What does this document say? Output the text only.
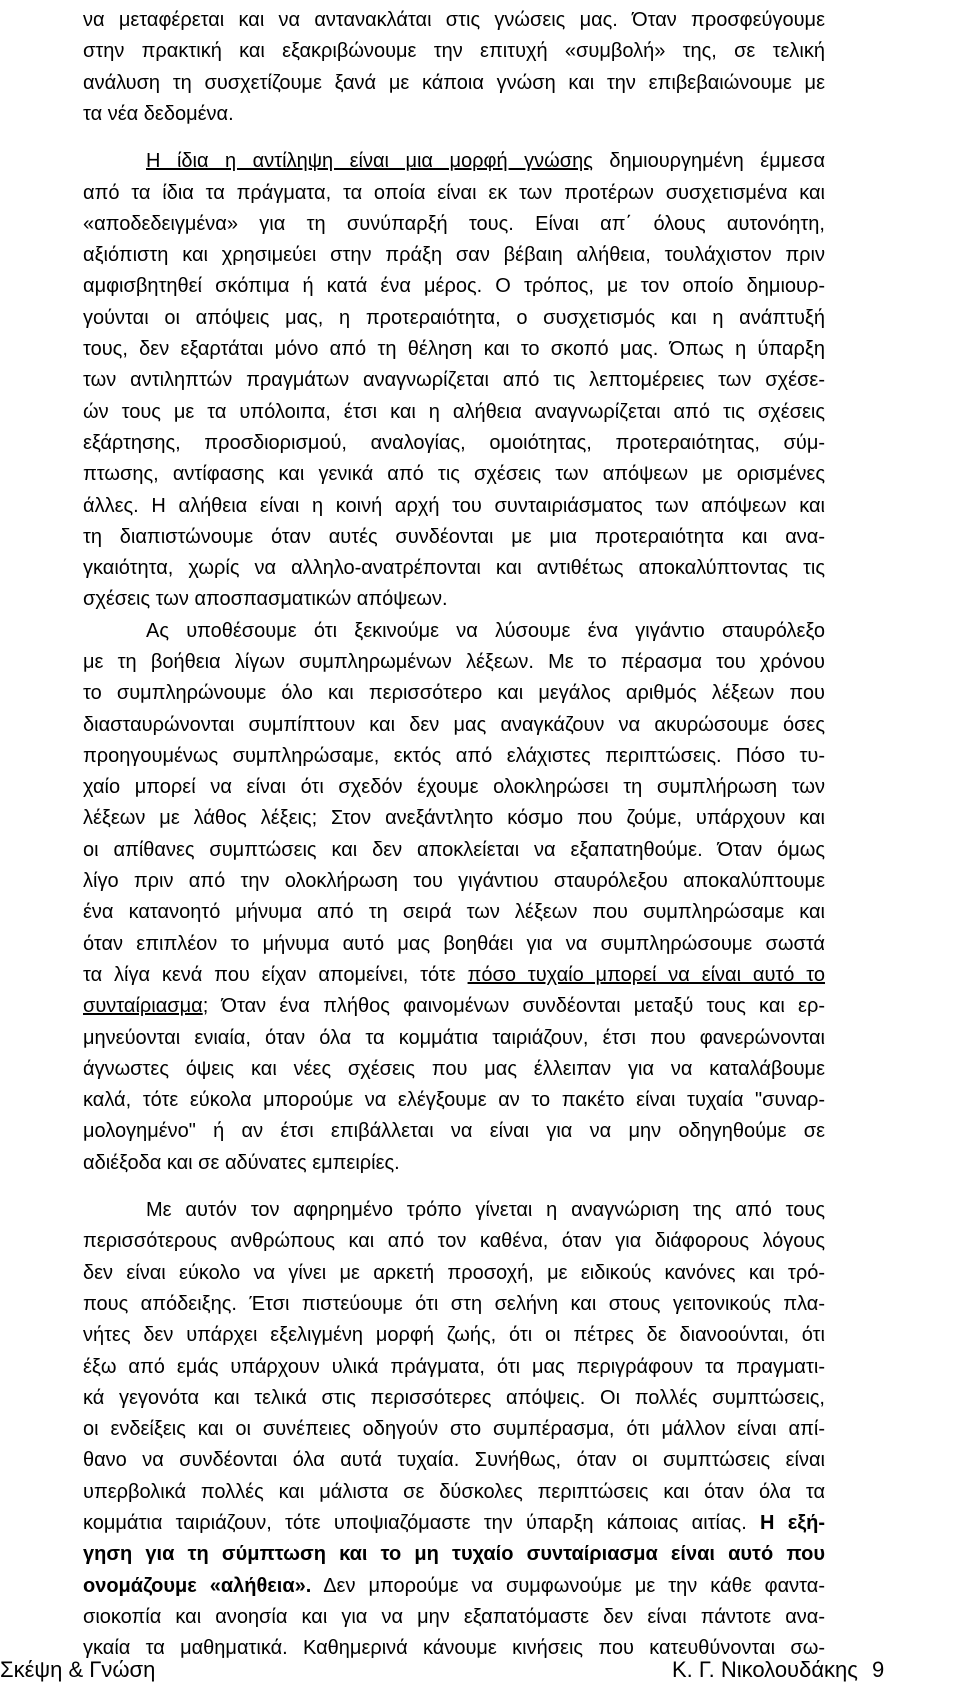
να μεταφέρεται και να αντανακλάται στις γνώσεις μας. Όταν προσφεύγουμε
στην πρακτική και εξακριβώνουμε την επιτυχή «συμβολή» της, σε τελική
ανάλυση τη συσχετίζουμε ξανά με κάποια γνώση και την επιβεβαιώνουμε με
τα νέα δεδομένα.
Η ίδια η αντίληψη είναι μια μορφή γνώσης δημιουργημένη έμμεσα
από τα ίδια τα πράγματα, τα οποία είναι εκ των προτέρων συσχετισμένα και
«αποδεδειγμένα» για τη συνύπαρξή τους. Είναι απ΄ όλους αυτονόητη,
αξιόπιστη και χρησιμεύει στην πράξη σαν βέβαιη αλήθεια, τουλάχιστον πριν
αμφισβητηθεί σκόπιμα ή κατά ένα μέρος. Ο τρόπος, με τον οποίο δημιουρ-
γούνται οι απόψεις μας, η προτεραιότητα, ο συσχετισμός και η ανάπτυξή
τους, δεν εξαρτάται μόνο από τη θέληση και το σκοπό μας. Όπως η ύπαρξη
των αντιληπτών πραγμάτων αναγνωρίζεται από τις λεπτομέρειες των σχέσε-
ών τους με τα υπόλοιπα, έτσι και η αλήθεια αναγνωρίζεται από τις σχέσεις
εξάρτησης, προσδιορισμού, αναλογίας, ομοιότητας, προτεραιότητας, σύμ-
πτωσης, αντίφασης και γενικά από τις σχέσεις των απόψεων με ορισμένες
άλλες. Η αλήθεια είναι η κοινή αρχή του συνταιριάσματος των απόψεων και
τη διαπιστώνουμε όταν αυτές συνδέονται με μια προτεραιότητα και ανα-
γκαιότητα, χωρίς να αλληλο-ανατρέπονται και αντιθέτως αποκαλύπτοντας τις
σχέσεις των αποσπασματικών απόψεων.
Ας υποθέσουμε ότι ξεκινούμε να λύσουμε ένα γιγάντιο σταυρόλεξο
με τη βοήθεια λίγων συμπληρωμένων λέξεων. Με το πέρασμα του χρόνου
το συμπληρώνουμε όλο και περισσότερο και μεγάλος αριθμός λέξεων που
διασταυρώνονται συμπίπτουν και δεν μας αναγκάζουν να ακυρώσουμε όσες
προηγουμένως συμπληρώσαμε, εκτός από ελάχιστες περιπτώσεις. Πόσο τυ-
χαίο μπορεί να είναι ότι σχεδόν έχουμε ολοκληρώσει τη συμπλήρωση των
λέξεων με λάθος λέξεις; Στον ανεξάντλητο κόσμο που ζούμε, υπάρχουν και
οι απίθανες συμπτώσεις και δεν αποκλείεται να εξαπατηθούμε. Όταν όμως
λίγο πριν από την ολοκλήρωση του γιγάντιου σταυρόλεξου αποκαλύπτουμε
ένα κατανοητό μήνυμα από τη σειρά των λέξεων που συμπληρώσαμε και
όταν επιπλέον το μήνυμα αυτό μας βοηθάει για να συμπληρώσουμε σωστά
τα λίγα κενά που είχαν απομείνει, τότε πόσο τυχαίο μπορεί να είναι αυτό το
συνταίριασμα; Όταν ένα πλήθος φαινομένων συνδέονται μεταξύ τους και ερ-
μηνεύονται ενιαία, όταν όλα τα κομμάτια ταιριάζουν, έτσι που φανερώνονται
άγνωστες όψεις και νέες σχέσεις που μας έλλειπαν για να καταλάβουμε
καλά, τότε εύκολα μπορούμε να ελέγξουμε αν το πακέτο είναι τυχαία "συναρ-
μολογημένο" ή αν έτσι επιβάλλεται να είναι για να μην οδηγηθούμε σε
αδιέξοδα και σε αδύνατες εμπειρίες.
Με αυτόν τον αφηρημένο τρόπο γίνεται η αναγνώριση της από τους
περισσότερους ανθρώπους και από τον καθένα, όταν για διάφορους λόγους
δεν είναι εύκολο να γίνει με αρκετή προσοχή, με ειδικούς κανόνες και τρό-
πους απόδειξης. Έτσι πιστεύουμε ότι στη σελήνη και στους γειτονικούς πλα-
νήτες δεν υπάρχει εξελιγμένη μορφή ζωής, ότι οι πέτρες δε διανοούνται, ότι
έξω από εμάς υπάρχουν υλικά πράγματα, ότι μας περιγράφουν τα πραγματι-
κά γεγονότα και τελικά στις περισσότερες απόψεις. Οι πολλές συμπτώσεις,
οι ενδείξεις και οι συνέπειες οδηγούν στο συμπέρασμα, ότι μάλλον είναι απί-
θανο να συνδέονται όλα αυτά τυχαία. Συνήθως, όταν οι συμπτώσεις είναι
υπερβολικά πολλές και μάλιστα σε δύσκολες περιπτώσεις και όταν όλα τα
κομμάτια ταιριάζουν, τότε υποψιαζόμαστε την ύπαρξη κάποιας αιτίας. Η εξή-
γηση για τη σύμπτωση και το μη τυχαίο συνταίριασμα είναι αυτό που
ονομάζουμε «αλήθεια». Δεν μπορούμε να συμφωνούμε με την κάθε φαντα-
σιοκοπία και ανοησία και για να μην εξαπατόμαστε δεν είναι πάντοτε ανα-
γκαία τα μαθηματικά. Καθημερινά κάνουμε κινήσεις που κατευθύνονται σω-
Σκέψη & Γνώση	Κ. Γ. Νικολουδάκης 9
